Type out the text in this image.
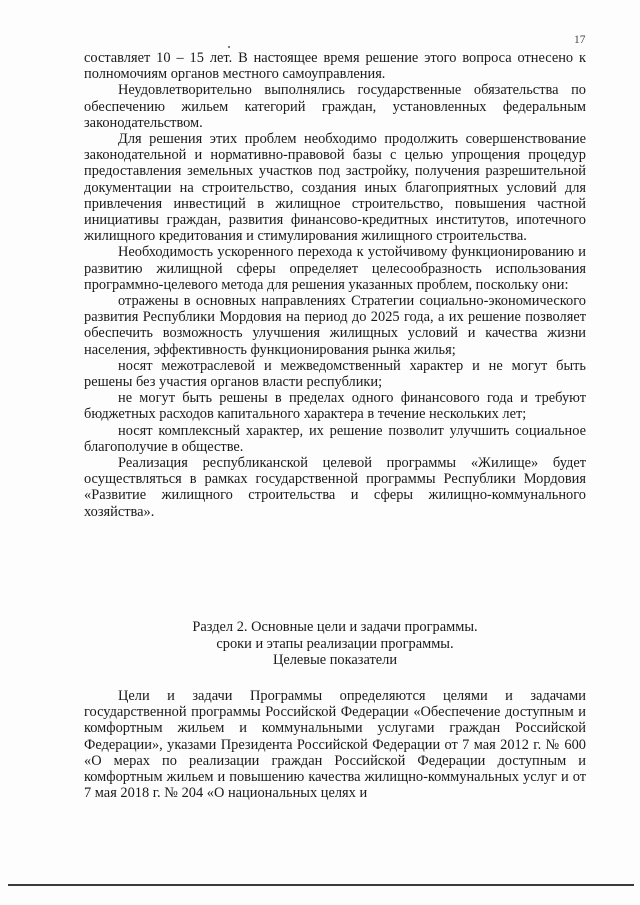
17

составляет 10 – 15 лет. В настоящее время решение этого вопроса отнесено к полномочиям органов местного самоуправления.

Неудовлетворительно выполнялись государственные обязательства по обеспечению жильем категорий граждан, установленных федеральным законодательством.

Для решения этих проблем необходимо продолжить совершенствование законодательной и нормативно-правовой базы с целью упрощения процедур предоставления земельных участков под застройку, получения разрешительной документации на строительство, создания иных благоприятных условий для привлечения инвестиций в жилищное строительство, повышения частной инициативы граждан, развития финансово-кредитных институтов, ипотечного жилищного кредитования и стимулирования жилищного строительства.

Необходимость ускоренного перехода к устойчивому функционированию и развитию жилищной сферы определяет целесообразность использования программно-целевого метода для решения указанных проблем, поскольку они:

отражены в основных направлениях Стратегии социально-экономического развития Республики Мордовия на период до 2025 года, а их решение позволяет обеспечить возможность улучшения жилищных условий и качества жизни населения, эффективность функционирования рынка жилья;

носят межотраслевой и межведомственный характер и не могут быть решены без участия органов власти республики;

не могут быть решены в пределах одного финансового года и требуют бюджетных расходов капитального характера в течение нескольких лет;

носят комплексный характер, их решение позволит улучшить социальное благополучие в обществе.

Реализация республиканской целевой программы «Жилище» будет осуществляться в рамках государственной программы Республики Мордовия «Развитие жилищного строительства и сферы жилищно-коммунального хозяйства».

Раздел 2. Основные цели и задачи программы.
сроки и этапы реализации программы.
Целевые показатели

Цели и задачи Программы определяются целями и задачами государственной программы Российской Федерации «Обеспечение доступным и комфортным жильем и коммунальными услугами граждан Российской Федерации», указами Президента Российской Федерации от 7 мая 2012 г. № 600 «О мерах по реализации граждан Российской Федерации доступным и комфортным жильем и повышению качества жилищно-коммунальных услуг и от 7 мая 2018 г. № 204 «О национальных целях и
